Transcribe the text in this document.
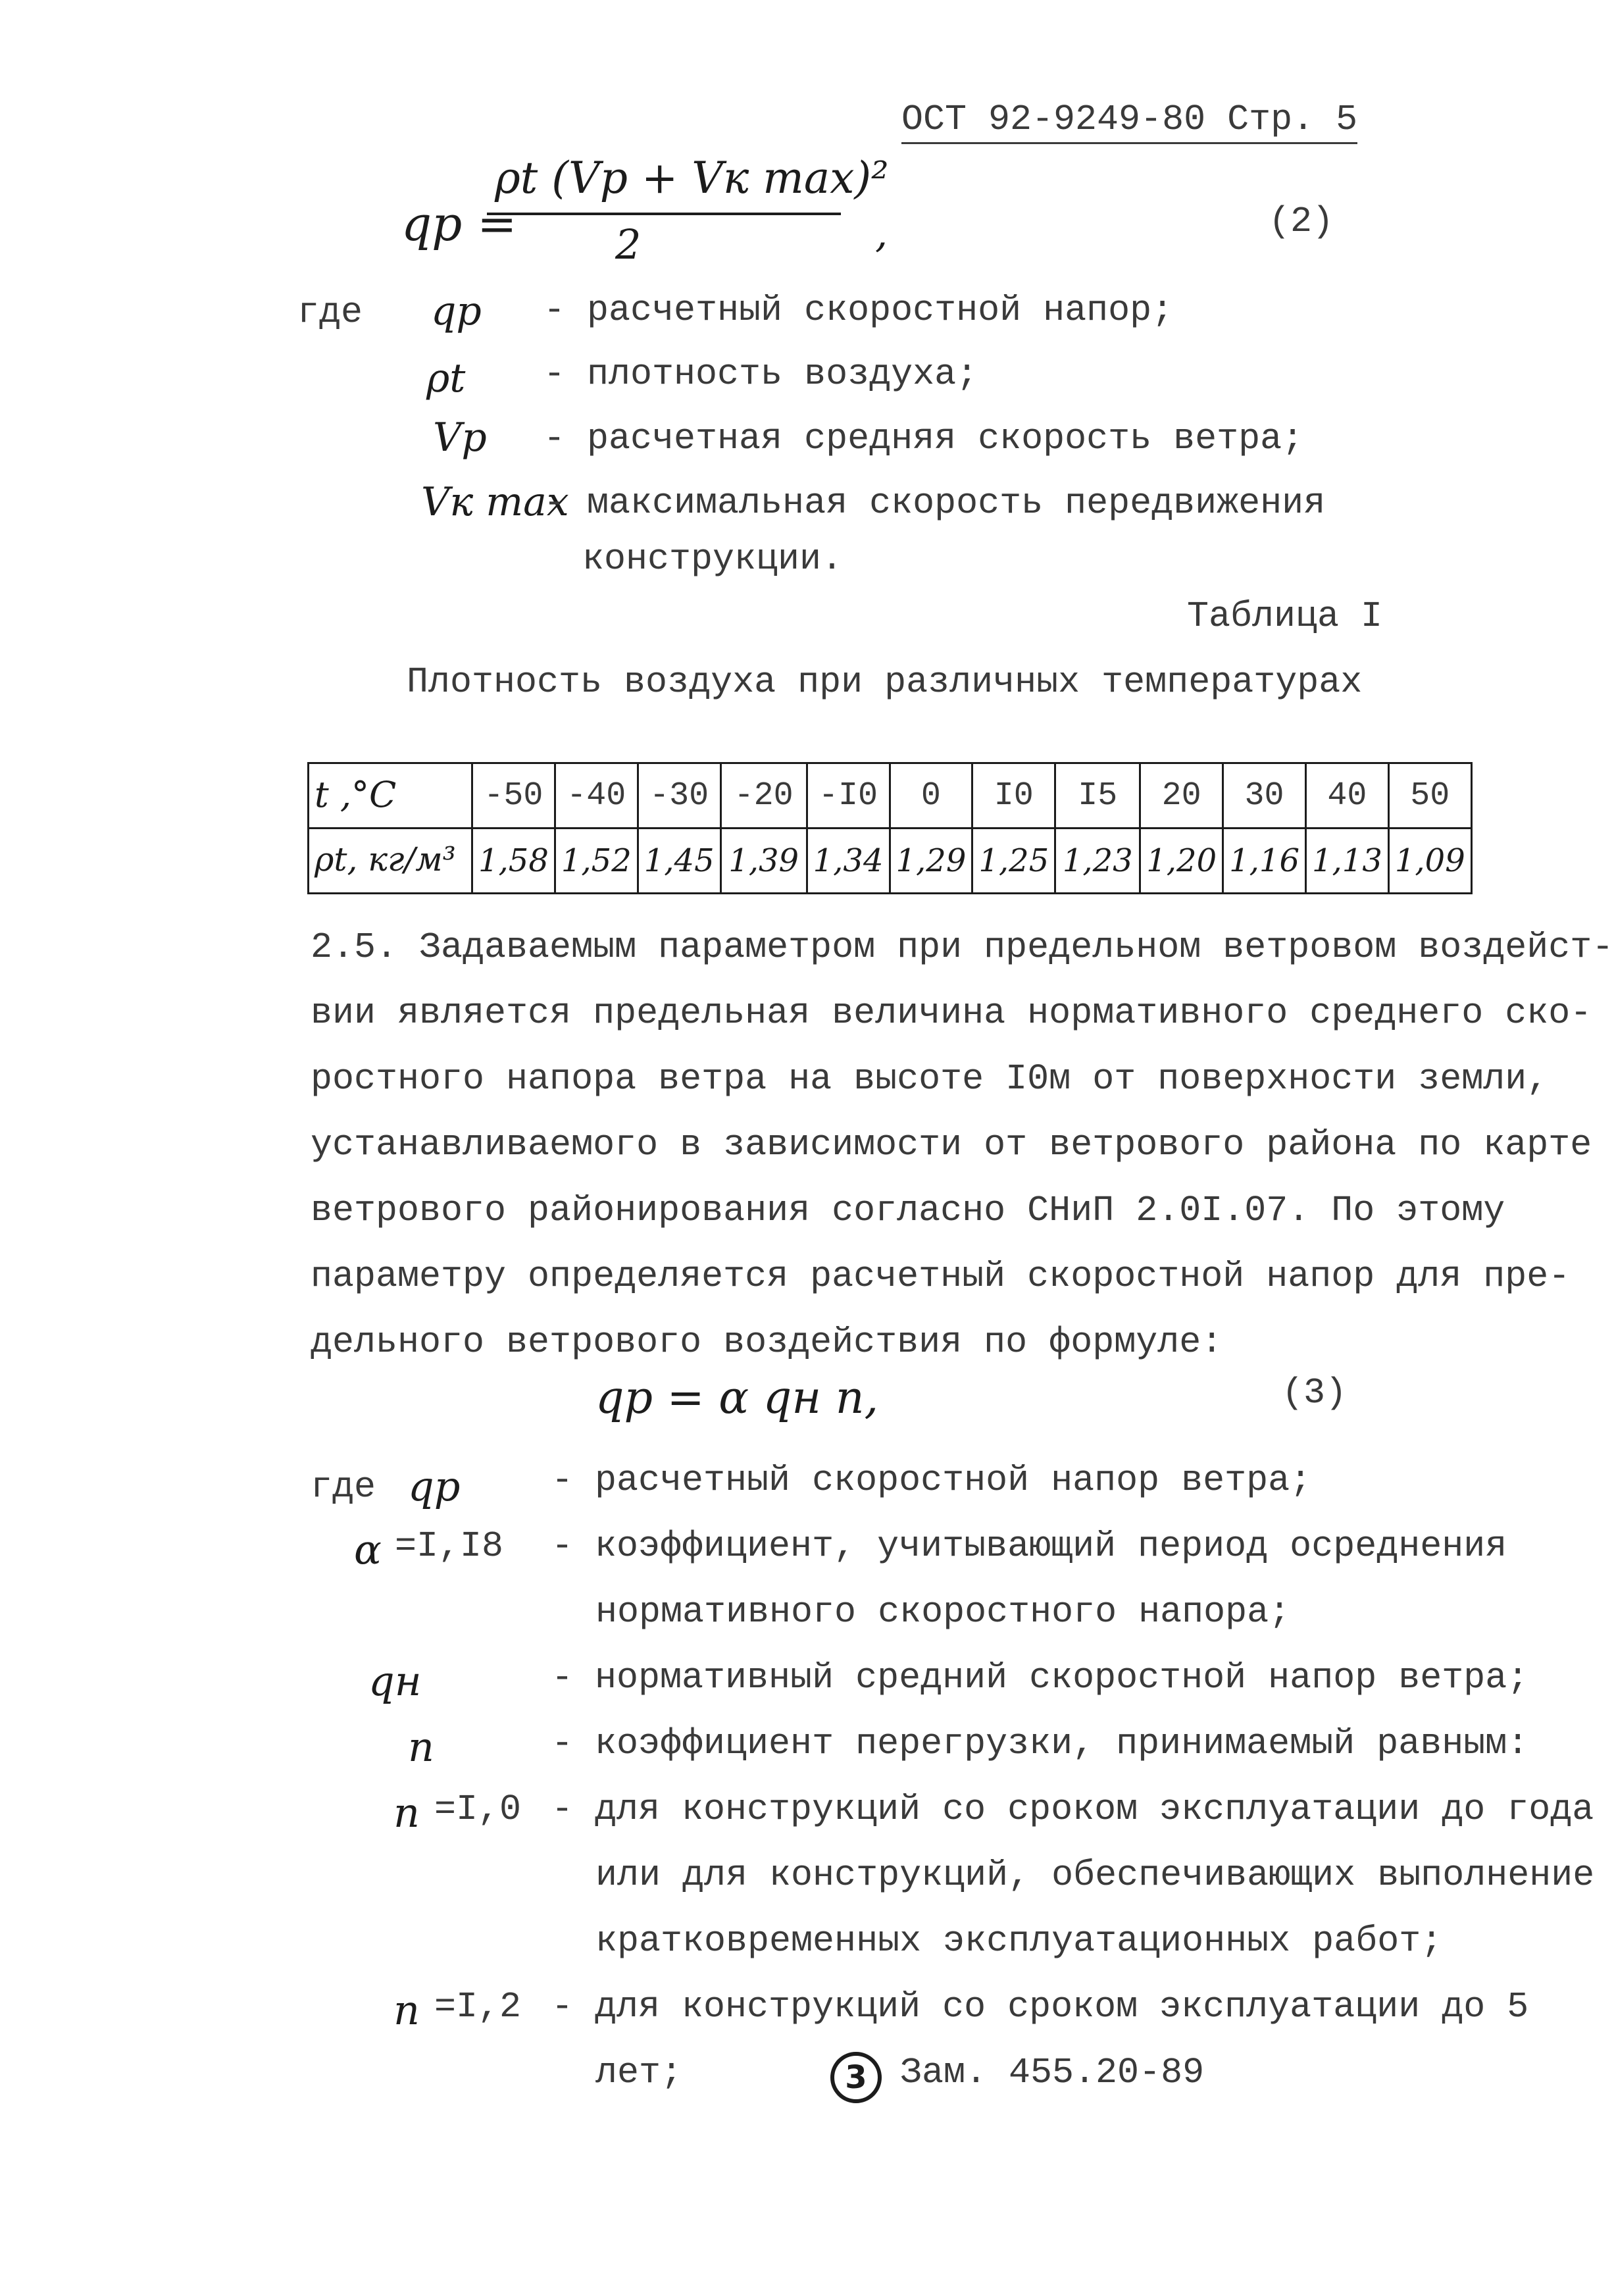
ОСТ 92-9249-80 Стр. 5
qр =
ρt (Vр + Vк max)²
2	,	(2)
где qр - расчетный скоростной напор;
ρt - плотность воздуха;
Vр - расчетная средняя скорость ветра;
Vк max
- максимальная скорость передвижения
конструкции.
Таблица I
Плотность воздуха при различных температурах
t ,°C	-50	-40	-30	-20	-I0	0	I0	I5	20	30	40	50
ρt, кг/м³	1,58	1,52	1,45	1,39	1,34	1,29	1,25	1,23	1,20	1,16	1,13	1,09
2.5. Задаваемым параметром при предельном ветровом воздейст-
вии является предельная величина нормативного среднего ско-
ростного напора ветра на высоте I0м от поверхности земли,
устанавливаемого в зависимости от ветрового района по карте
ветрового районирования согласно СНиП 2.0I.07. По этому
параметру определяется расчетный скоростной напор для пре-
дельного ветрового воздействия по формуле:
qр = α qн n,	(3)
где qр	- расчетный скоростной напор ветра;
α =I,I8 - коэффициент, учитывающий период осреднения
нормативного скоростного напора;
qн	- нормативный средний скоростной напор ветра;
n	- коэффициент перегрузки, принимаемый равным:
n =I,0 - для конструкций со сроком эксплуатации до года
или для конструкций, обеспечивающих выполнение
кратковременных эксплуатационных работ;
n =I,2 - для конструкций со сроком эксплуатации до 5
лет;	3 Зам. 455.20-89
